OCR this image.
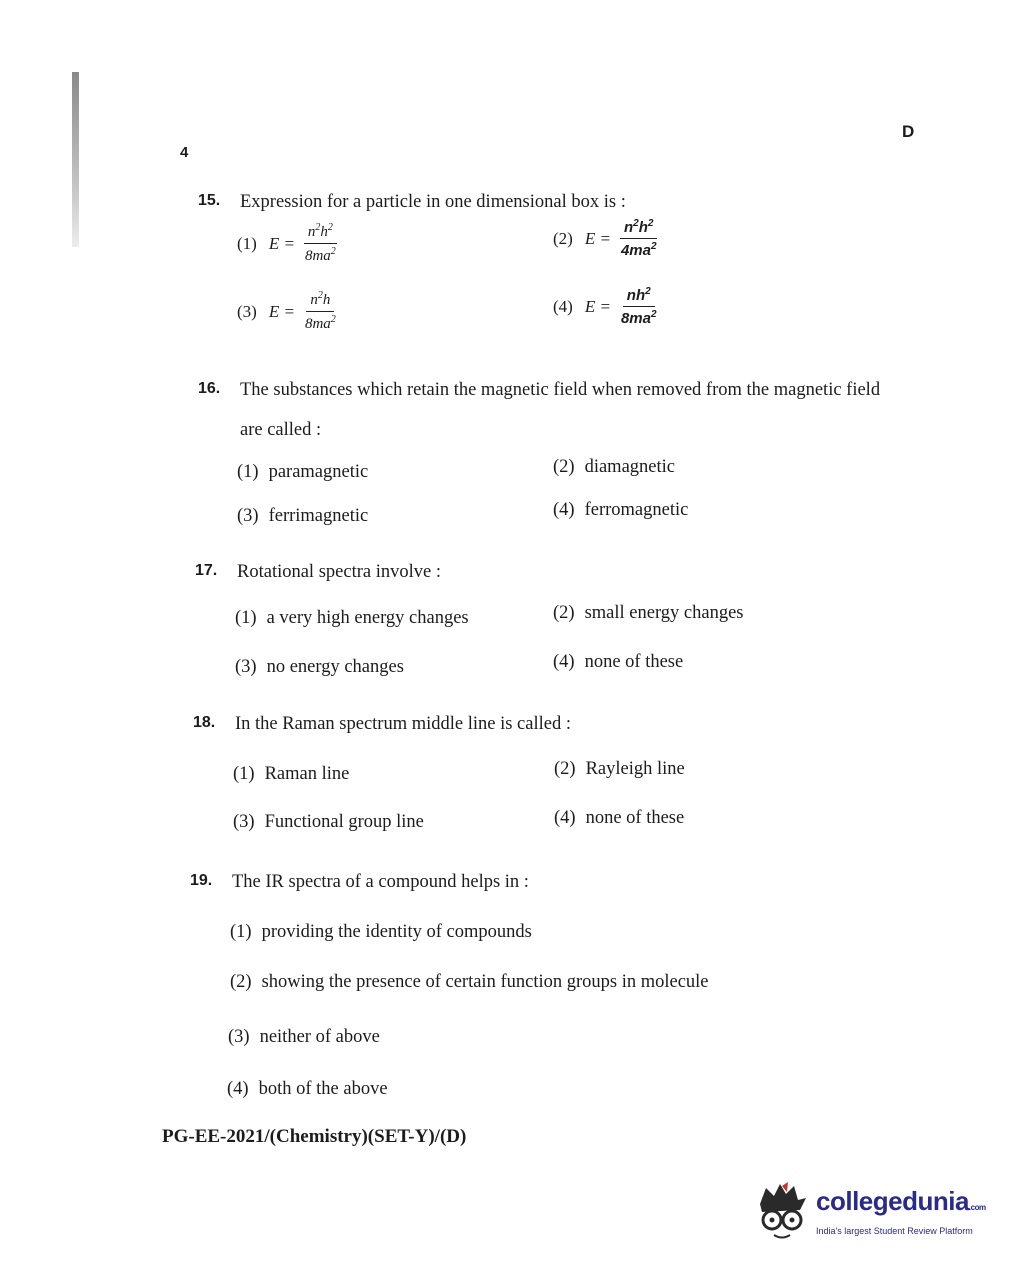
4
D
15. Expression for a particle in one dimensional box is :
(1) $E = \frac{n^2h^2}{8ma^2}$	(2) $E = \frac{n^2h^2}{4ma^2}$
(3) $E = \frac{n^2h}{8ma^2}$	(4) $E = \frac{nh^2}{8ma^2}$
16. The substances which retain the magnetic field when removed from the magnetic field
are called :
(1) paramagnetic	(2) diamagnetic
(3) ferrimagnetic	(4) ferromagnetic
17. Rotational spectra involve :
(1) a very high energy changes	(2) small energy changes
(3) no energy changes	(4) none of these
18. In the Raman spectrum middle line is called :
(1) Raman line	(2) Rayleigh line
(3) Functional group line	(4) none of these
19. The IR spectra of a compound helps in :
(1) providing the identity of compounds
(2) showing the presence of certain function groups in molecule
(3) neither of above
(4) both of the above
PG-EE-2021/(Chemistry)(SET-Y)/(D)
collegedunia.com
India's largest Student Review Platform
